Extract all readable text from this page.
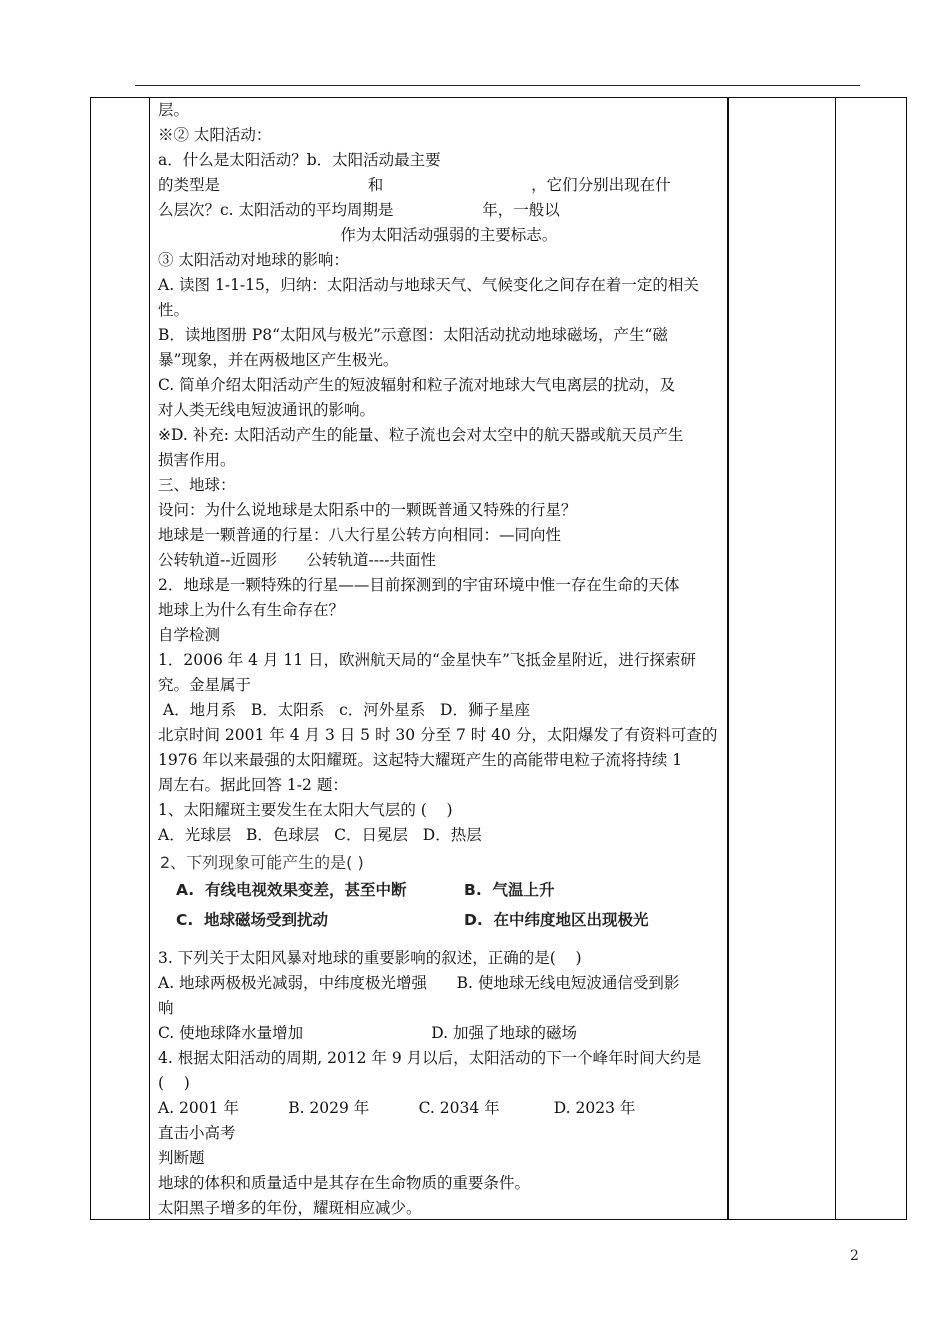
层。
※② 太阳活动：
a．什么是太阳活动？b．太阳活动最主要
的类型是                              和                              ，它们分别出现在什
么层次？c. 太阳活动的平均周期是                  年，一般以
作为太阳活动强弱的主要标志。
③ 太阳活动对地球的影响：
A. 读图 1-1-15，归纳：太阳活动与地球天气、气候变化之间存在着一定的相关
性。
B．读地图册 P8“太阳风与极光”示意图：太阳活动扰动地球磁场，产生“磁
暴”现象，并在两极地区产生极光。
C. 简单介绍太阳活动产生的短波辐射和粒子流对地球大气电离层的扰动，及
对人类无线电短波通讯的影响。
※D. 补充: 太阳活动产生的能量、粒子流也会对太空中的航天器或航天员产生
损害作用。
三、地球：
设问：为什么说地球是太阳系中的一颗既普通又特殊的行星？
地球是一颗普通的行星：八大行星公转方向相同：—同向性
公转轨道--近圆形      公转轨道----共面性
2．地球是一颗特殊的行星——目前探测到的宇宙环境中惟一存在生命的天体
地球上为什么有生命存在？
自学检测
1．2006 年 4 月 11 日，欧洲航天局的“金星快车”飞抵金星附近，进行探索研
究。金星属于
A．地月系   B．太阳系   c．河外星系   D．狮子星座
北京时间 2001 年 4 月 3 日 5 时 30 分至 7 时 40 分，太阳爆发了有资料可查的
1976 年以来最强的太阳耀斑。这起特大耀斑产生的高能带电粒子流将持续 1
周左右。据此回答 1-2 题：
1、太阳耀斑主要发生在太阳大气层的 (    )
A．光球层   B．色球层   C．日冕层   D．热层
2、下列现象可能产生的是( )
A.  有线电视效果变差，甚至中断	B.  气温上升
C.  地球磁场受到扰动	D.  在中纬度地区出现极光
3. 下列关于太阳风暴对地球的重要影响的叙述，正确的是(    )
A. 地球两极极光减弱，中纬度极光增强      B. 使地球无线电短波通信受到影
响
C. 使地球降水量增加                          D. 加强了地球的磁场
4. 根据太阳活动的周期, 2012 年 9 月以后，太阳活动的下一个峰年时间大约是
(    )
A. 2001 年          B. 2029 年          C. 2034 年           D. 2023 年
直击小高考
判断题
地球的体积和质量适中是其存在生命物质的重要条件。
太阳黑子增多的年份，耀斑相应减少。
2
